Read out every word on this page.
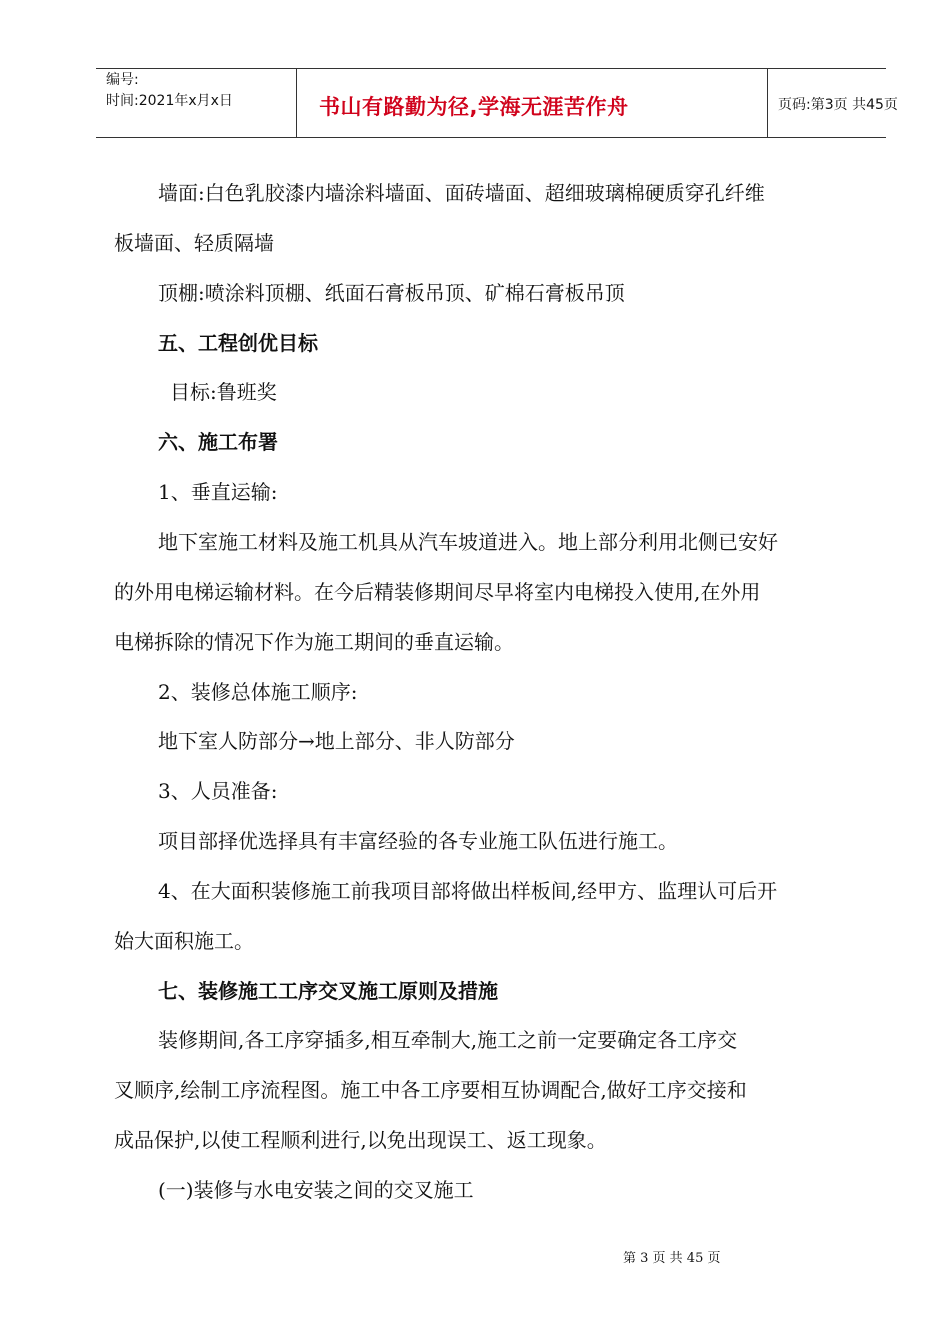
编号:
时间:2021年x月x日	书山有路勤为径,学海无涯苦作舟	页码:第3页 共45页
墙面:白色乳胶漆内墙涂料墙面、面砖墙面、超细玻璃棉硬质穿孔纤维
板墙面、轻质隔墙
顶棚:喷涂料顶棚、纸面石膏板吊顶、矿棉石膏板吊顶
五、工程创优目标
目标:鲁班奖
六、施工布署
1、垂直运输:
地下室施工材料及施工机具从汽车坡道进入。地上部分利用北侧已安好
的外用电梯运输材料。在今后精装修期间尽早将室内电梯投入使用,在外用
电梯拆除的情况下作为施工期间的垂直运输。
2、装修总体施工顺序:
地下室人防部分→地上部分、非人防部分
3、人员准备:
项目部择优选择具有丰富经验的各专业施工队伍进行施工。
4、在大面积装修施工前我项目部将做出样板间,经甲方、监理认可后开
始大面积施工。
七、装修施工工序交叉施工原则及措施
装修期间,各工序穿插多,相互牵制大,施工之前一定要确定各工序交
叉顺序,绘制工序流程图。施工中各工序要相互协调配合,做好工序交接和
成品保护,以使工程顺利进行,以免出现误工、返工现象。
(一)装修与水电安装之间的交叉施工
第 3 页 共 45 页
